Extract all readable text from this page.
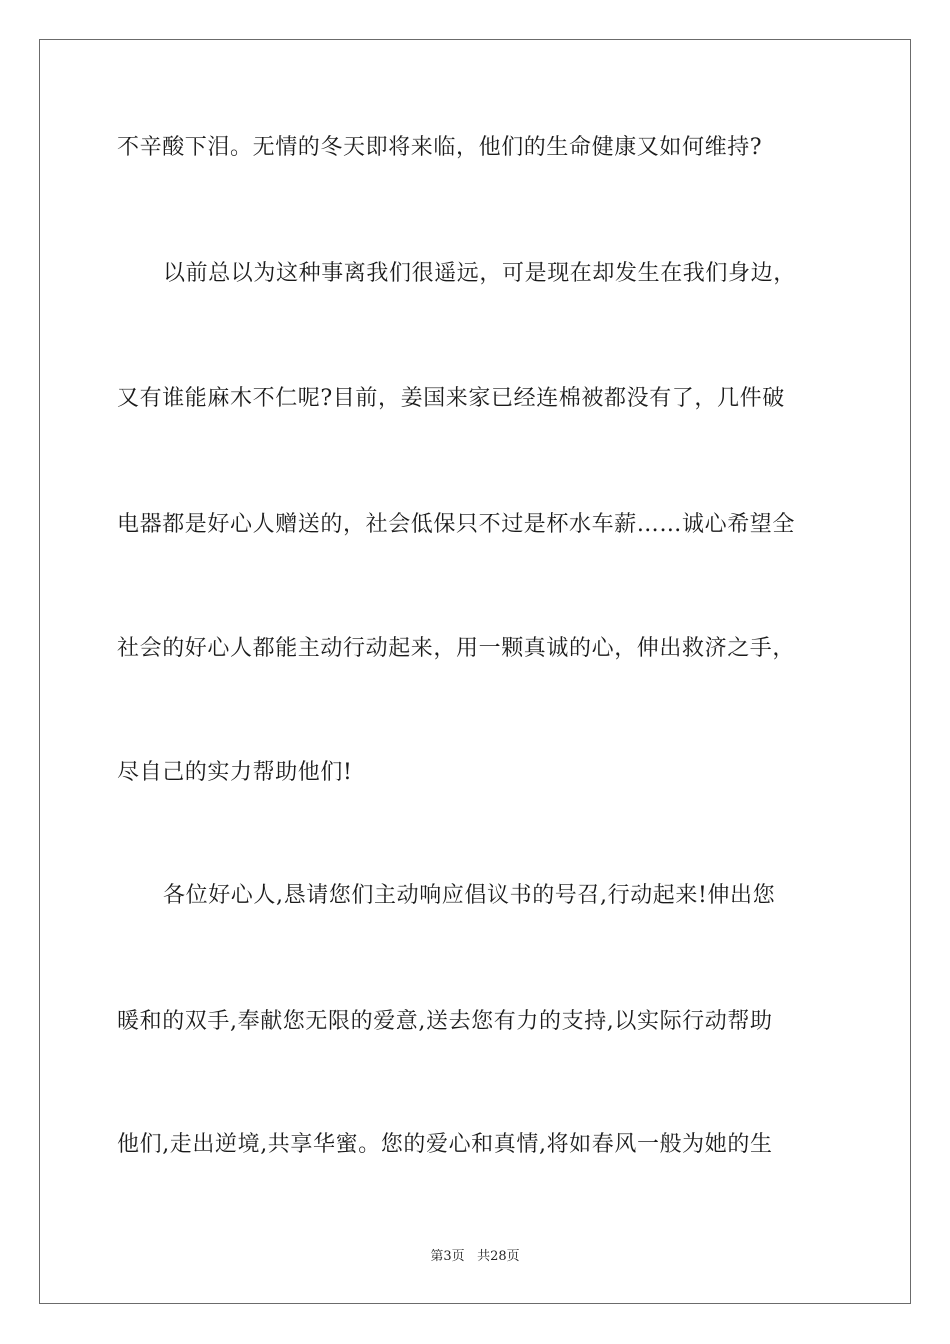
不辛酸下泪。无情的冬天即将来临，他们的生命健康又如何维持?
以前总以为这种事离我们很遥远，可是现在却发生在我们身边，
又有谁能麻木不仁呢?目前，姜国来家已经连棉被都没有了，几件破
电器都是好心人赠送的，社会低保只不过是杯水车薪……诚心希望全
社会的好心人都能主动行动起来，用一颗真诚的心，伸出救济之手，
尽自己的实力帮助他们!
各位好心人,恳请您们主动响应倡议书的号召,行动起来!伸出您
暖和的双手,奉献您无限的爱意,送去您有力的支持,以实际行动帮助
他们,走出逆境,共享华蜜。您的爱心和真情,将如春风一般为她的生
第3页 共28页
